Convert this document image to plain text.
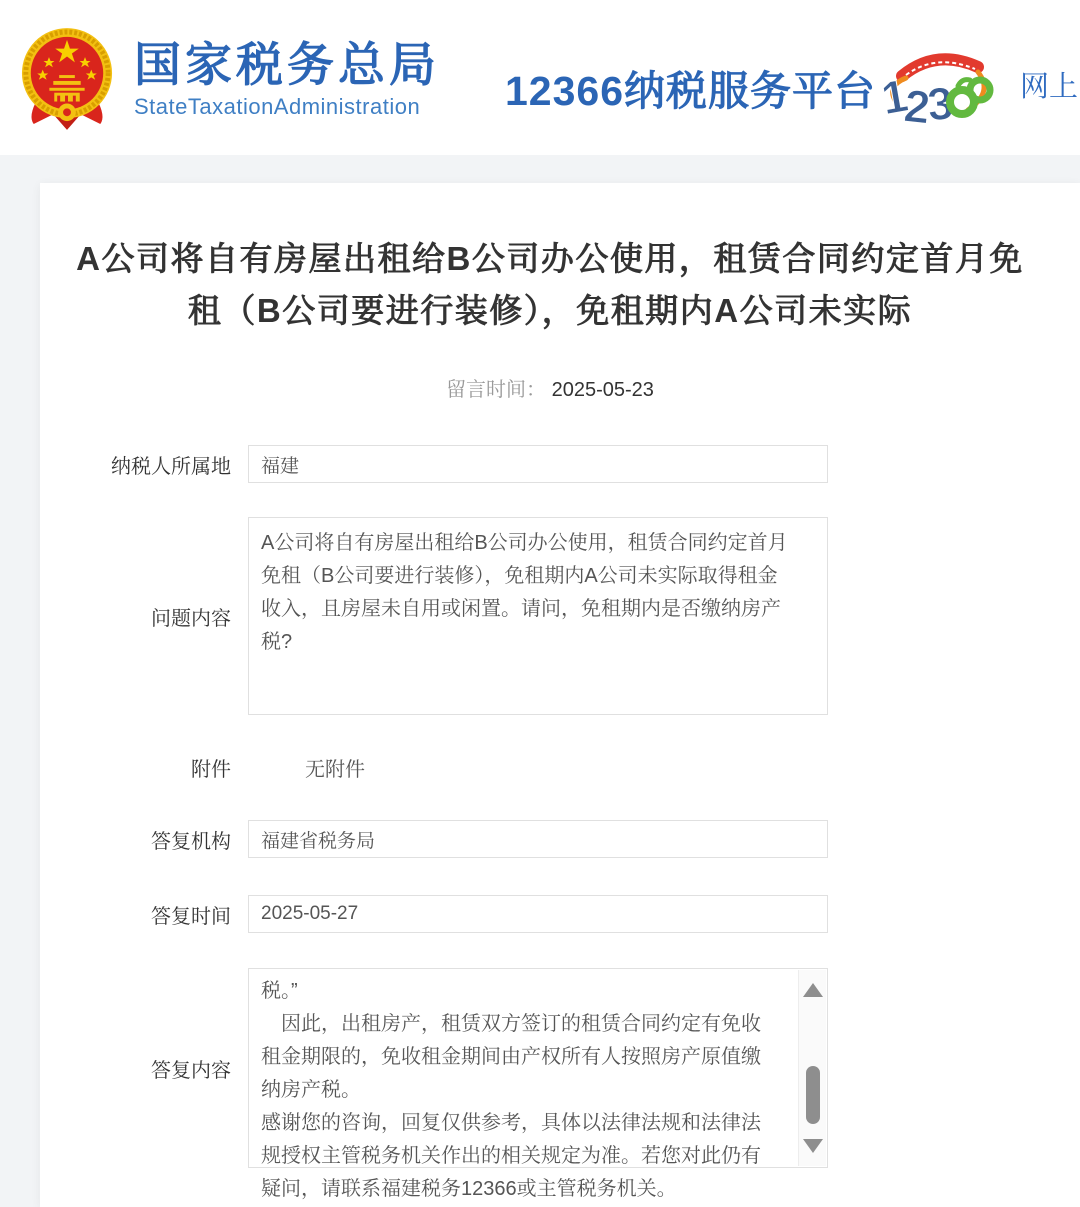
国家税务总局
StateTaxationAdministration	12366纳税服务平台 1
2
3 网上
A公司将自有房屋出租给B公司办公使用，租赁合同约定首月免
租（B公司要进行装修），免租期内A公司未实际
留言时间： 2025-05-23
纳税人所属地	福建
问题内容
A公司将自有房屋出租给B公司办公使用，租赁合同约定首月
免租（B公司要进行装修），免租期内A公司未实际取得租金
收入，且房屋未自用或闲置。请问，免租期内是否缴纳房产
税?
附件	无附件
答复机构	福建省税务局
答复时间	2025-05-27
答复内容
税。”
　因此，出租房产，租赁双方签订的租赁合同约定有免收
租金期限的，免收租金期间由产权所有人按照房产原值缴
纳房产税。
感谢您的咨询，回复仅供参考，具体以法律法规和法律法
规授权主管税务机关作出的相关规定为准。若您对此仍有
疑问，请联系福建税务12366或主管税务机关。
